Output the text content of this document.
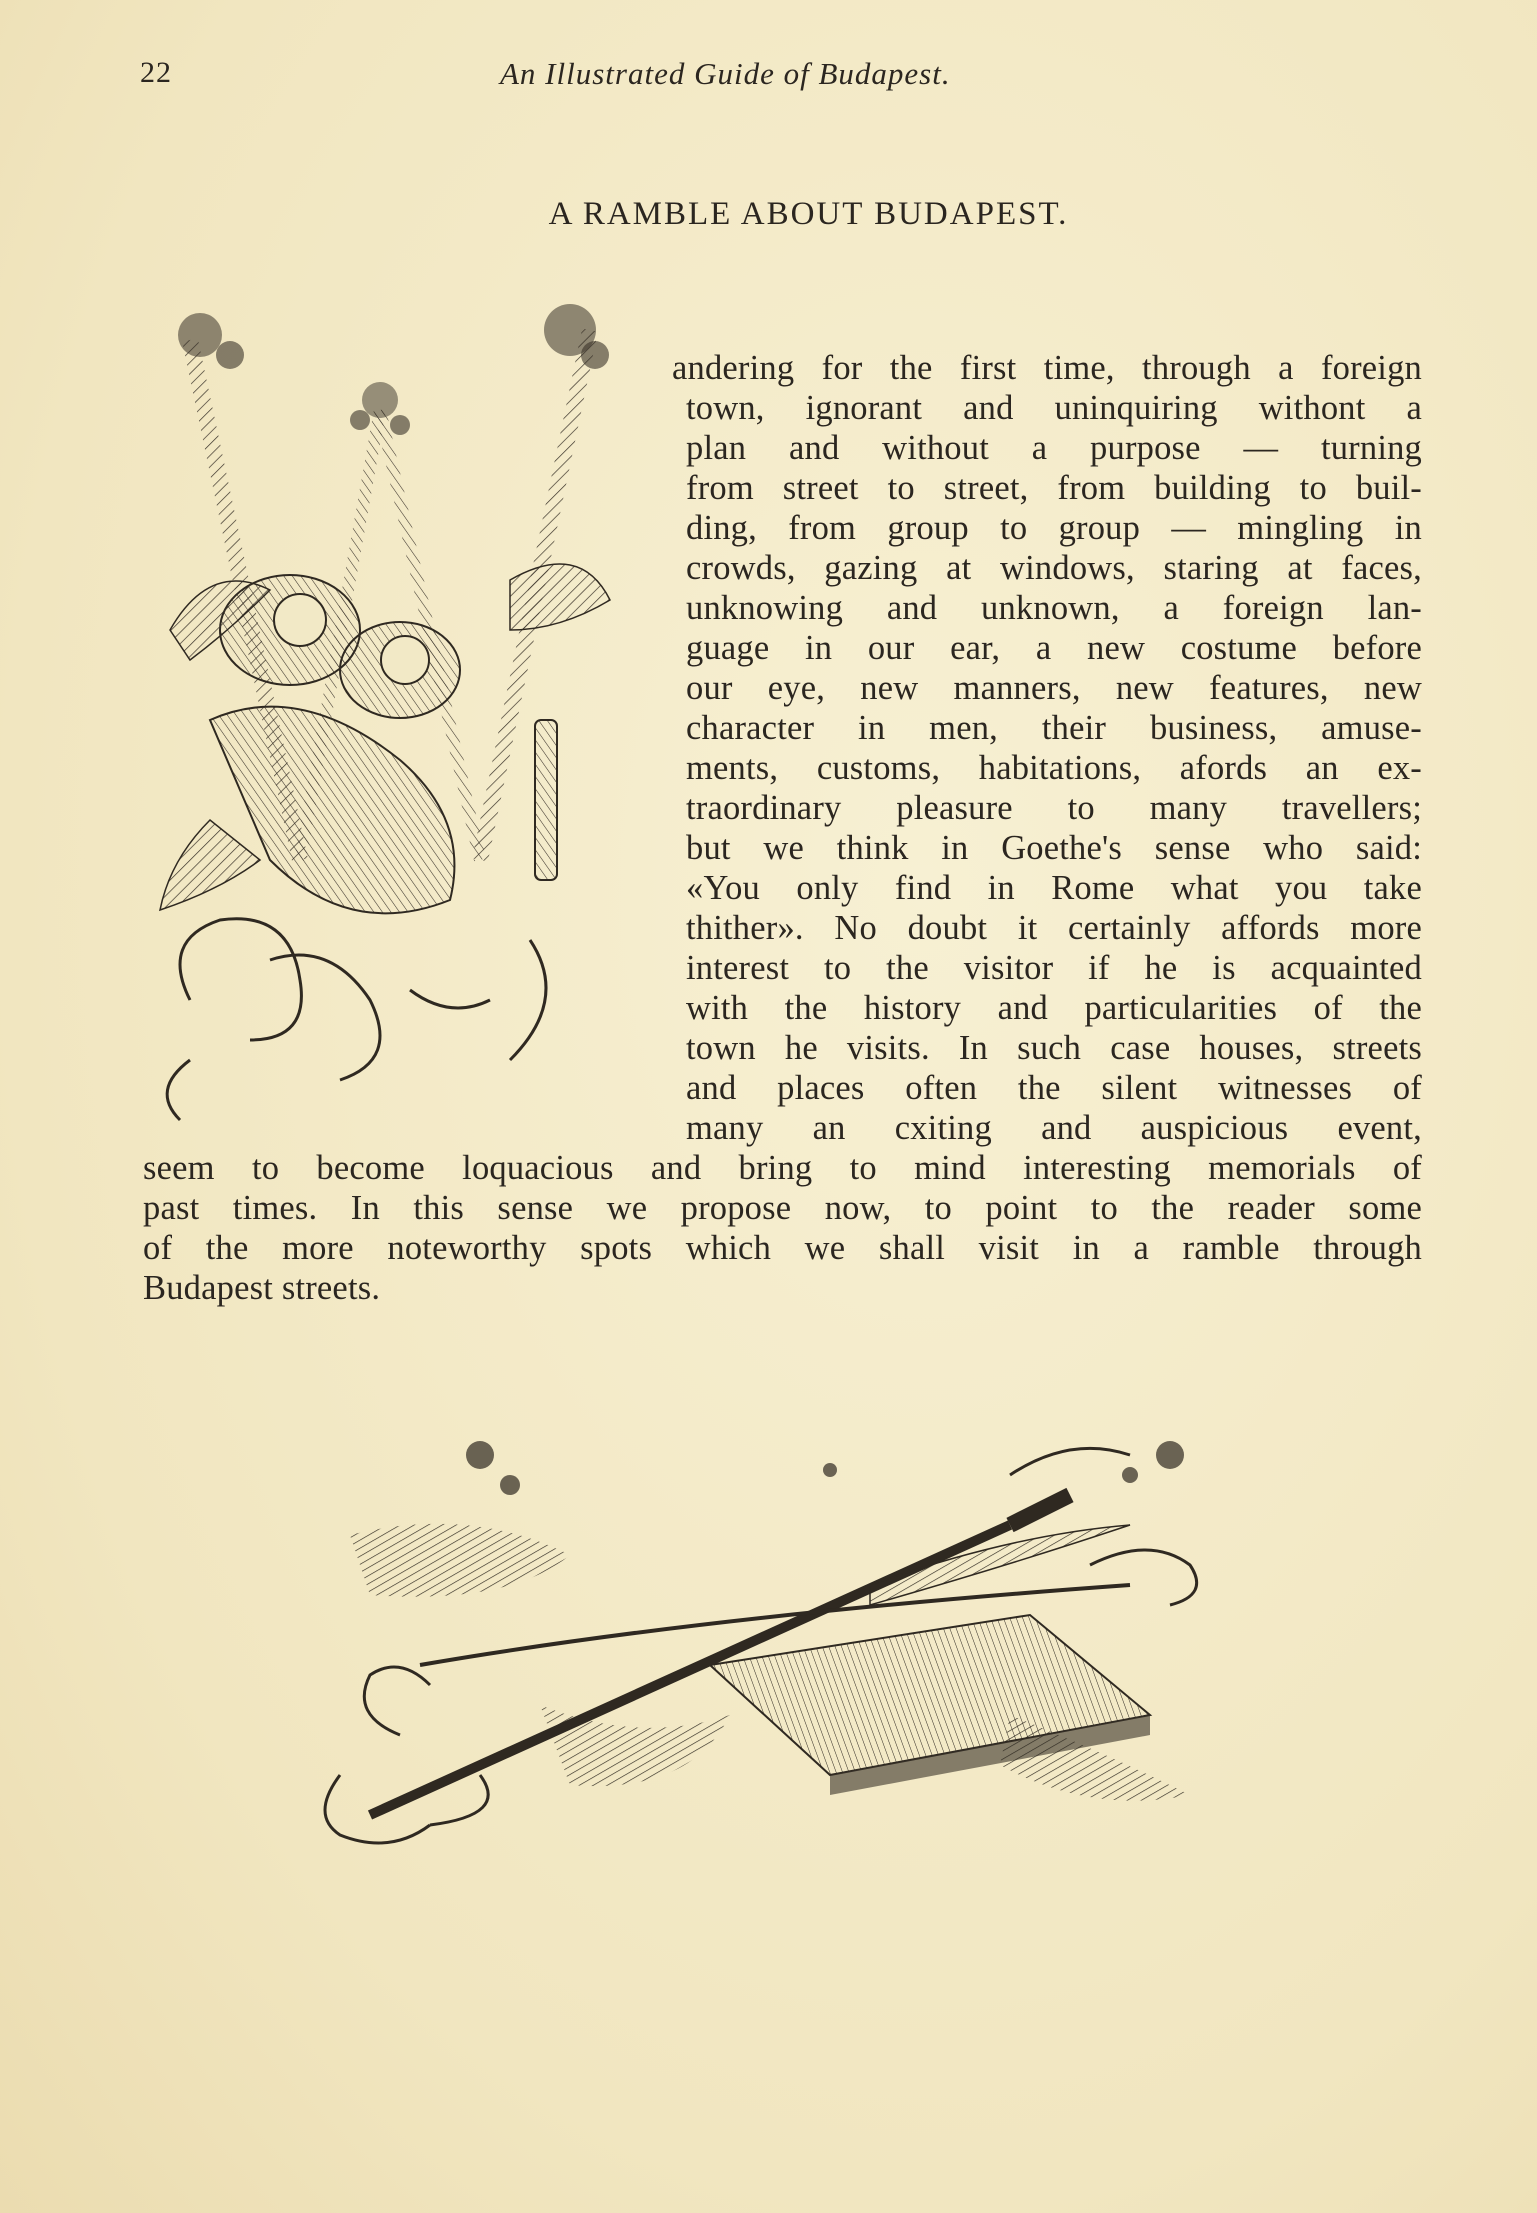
22	An Illustrated Guide of Budapest.
A RAMBLE ABOUT BUDAPEST.
andering for the first time, through a foreign
town, ignorant and uninquiring withont a
plan and without a purpose — turning
from street to street, from building to buil-
ding, from group to group — mingling in
crowds, gazing at windows, staring at faces,
unknowing and unknown, a foreign lan-
guage in our ear, a new costume before
our eye, new manners, new features, new
character in men, their business, amuse-
ments, customs, habitations, afords an ex-
traordinary pleasure to many travellers;
but we think in Goethe's sense who said:
«You only find in Rome what you take
thither». No doubt it certainly affords more
interest to the visitor if he is acquainted
with the history and particularities of the
town he visits. In such case houses, streets
and places often the silent witnesses of
many an cxiting and auspicious event,
seem to become loquacious and bring to mind interesting memorials of
past times. In this sense we propose now, to point to the reader some
of the more noteworthy spots which we shall visit in a ramble through
Budapest streets.
